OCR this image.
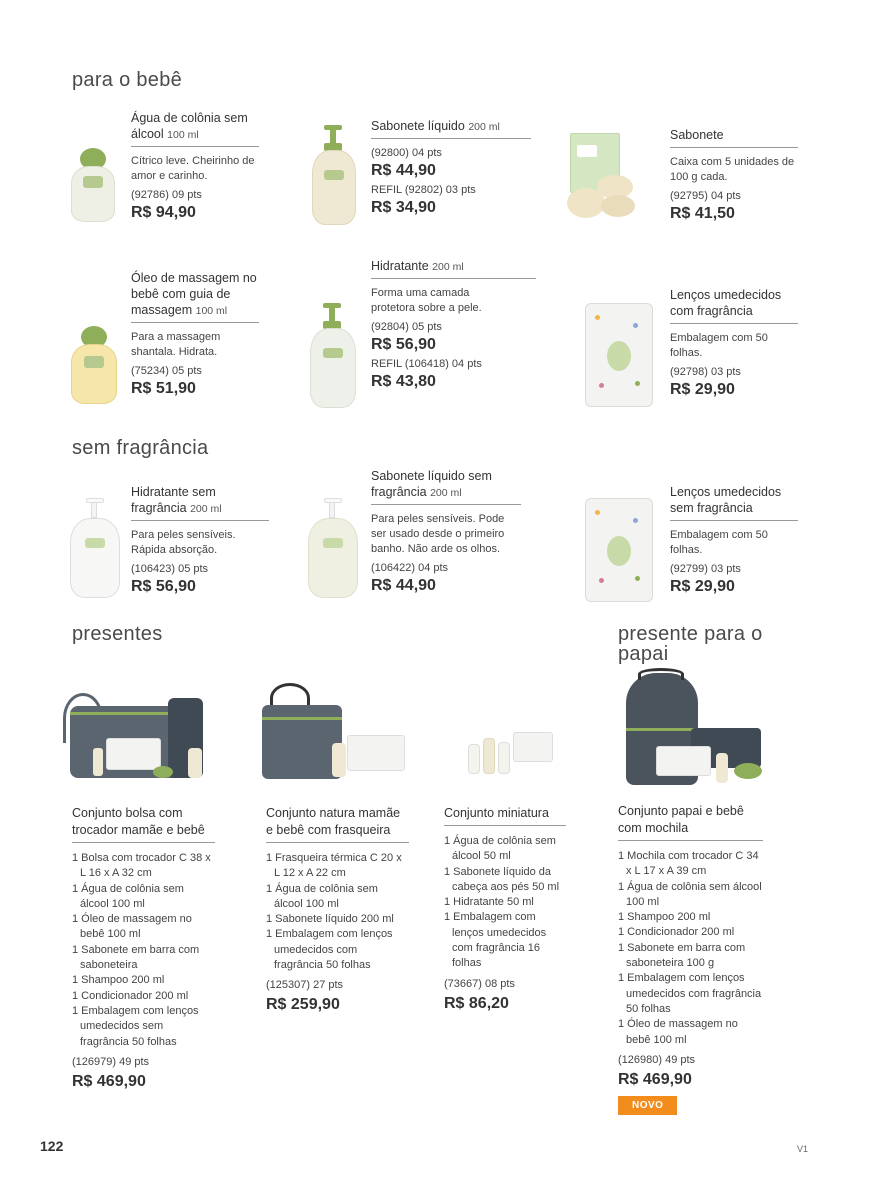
para o bebê
sem fragrância
presentes	presente para o papai
Água de colônia sem álcool 100 ml
Cítrico leve. Cheirinho de amor e carinho.
(92786) 09 pts
R$ 94,90
Sabonete líquido 200 ml
(92800) 04 pts
R$ 44,90
REFIL (92802) 03 pts
R$ 34,90
Sabonete
Caixa com 5 unidades de 100 g cada.
(92795) 04 pts
R$ 41,50
Óleo de massagem no bebê com guia de massagem 100 ml
Para a massagem shantala. Hidrata.
(75234) 05 pts
R$ 51,90
Hidratante 200 ml
Forma uma camada protetora sobre a pele.
(92804) 05 pts
R$ 56,90
REFIL (106418) 04 pts
R$ 43,80
Lenços umedecidos com fragrância
Embalagem com 50 folhas.
(92798) 03 pts
R$ 29,90
Hidratante sem fragrância 200 ml
Para peles sensíveis. Rápida absorção.
(106423) 05 pts
R$ 56,90
Sabonete líquido sem fragrância 200 ml
Para peles sensíveis. Pode ser usado desde o primeiro banho. Não arde os olhos.
(106422) 04 pts
R$ 44,90
Lenços umedecidos sem fragrância
Embalagem com 50 folhas.
(92799) 03 pts
R$ 29,90
Conjunto bolsa com trocador mamãe e bebê
1 Bolsa com trocador C 38 x L 16 x A 32 cm
1 Água de colônia sem álcool 100 ml
1 Óleo de massagem no bebê 100 ml
1 Sabonete em barra com saboneteira
1 Shampoo 200 ml
1 Condicionador 200 ml
1 Embalagem com lenços umedecidos sem fragrância 50 folhas
(126979) 49 pts
R$ 469,90
Conjunto natura mamãe e bebê com frasqueira
1 Frasqueira térmica C 20 x L 12 x A 22 cm
1 Água de colônia sem álcool 100 ml
1 Sabonete líquido 200 ml
1 Embalagem com lenços umedecidos com fragrância 50 folhas
(125307) 27 pts
R$ 259,90
Conjunto miniatura
1 Água de colônia sem álcool 50 ml
1 Sabonete líquido da cabeça aos pés 50 ml
1 Hidratante 50 ml
1 Embalagem com lenços umedecidos com fragrância 16 folhas
(73667) 08 pts
R$ 86,20
Conjunto papai e bebê com mochila
1 Mochila com trocador C 34 x L 17 x A 39 cm
1 Água de colônia sem álcool 100 ml
1 Shampoo 200 ml
1 Condicionador 200 ml
1 Sabonete em barra com saboneteira 100 g
1 Embalagem com lenços umedecidos com fragrância 50 folhas
1 Óleo de massagem no bebê 100 ml
(126980) 49 pts
R$ 469,90
NOVO
122	V1
